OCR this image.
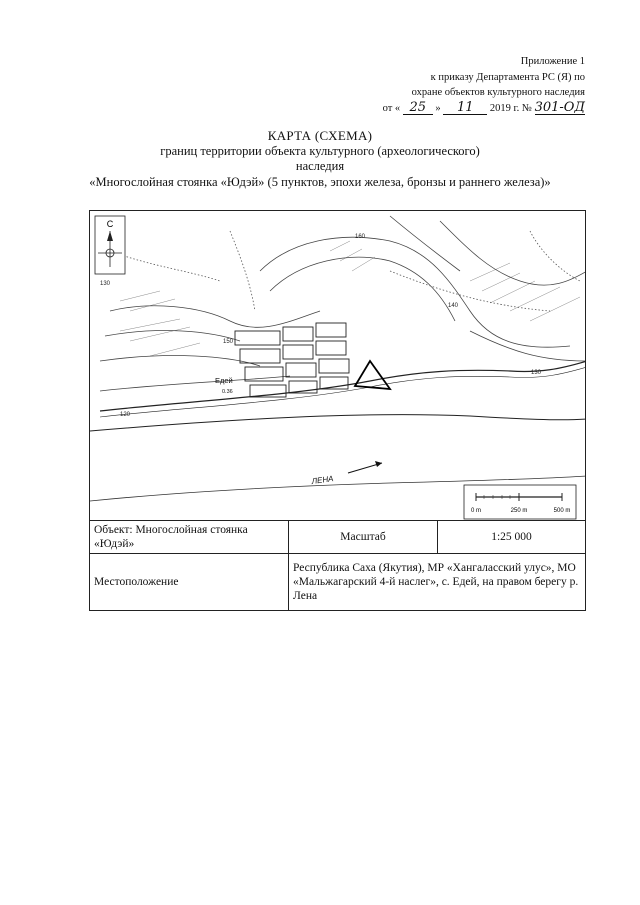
Приложение 1
к приказу Департамента РС (Я) по
охране объектов культурного наследия
от « 25 » 11 2019 г. № 301-ОД
КАРТА (СХЕМА)
границ территории объекта культурного (археологического)
наследия
«Многослойная стоянка «Юдэй» (5 пунктов, эпохи железа, бронзы и раннего железа)»
С
160
140
130
150
120
130
Едей
0.36
ЛЕНА
0 m	250 m	500 m
Объект: Многослойная стоянка «Юдэй»	Масштаб	1:25 000
Местоположение	Республика Саха (Якутия), МР «Хангаласский улус», МО «Мальжагарский 4-й наслег», с. Едей, на правом берегу р. Лена	
